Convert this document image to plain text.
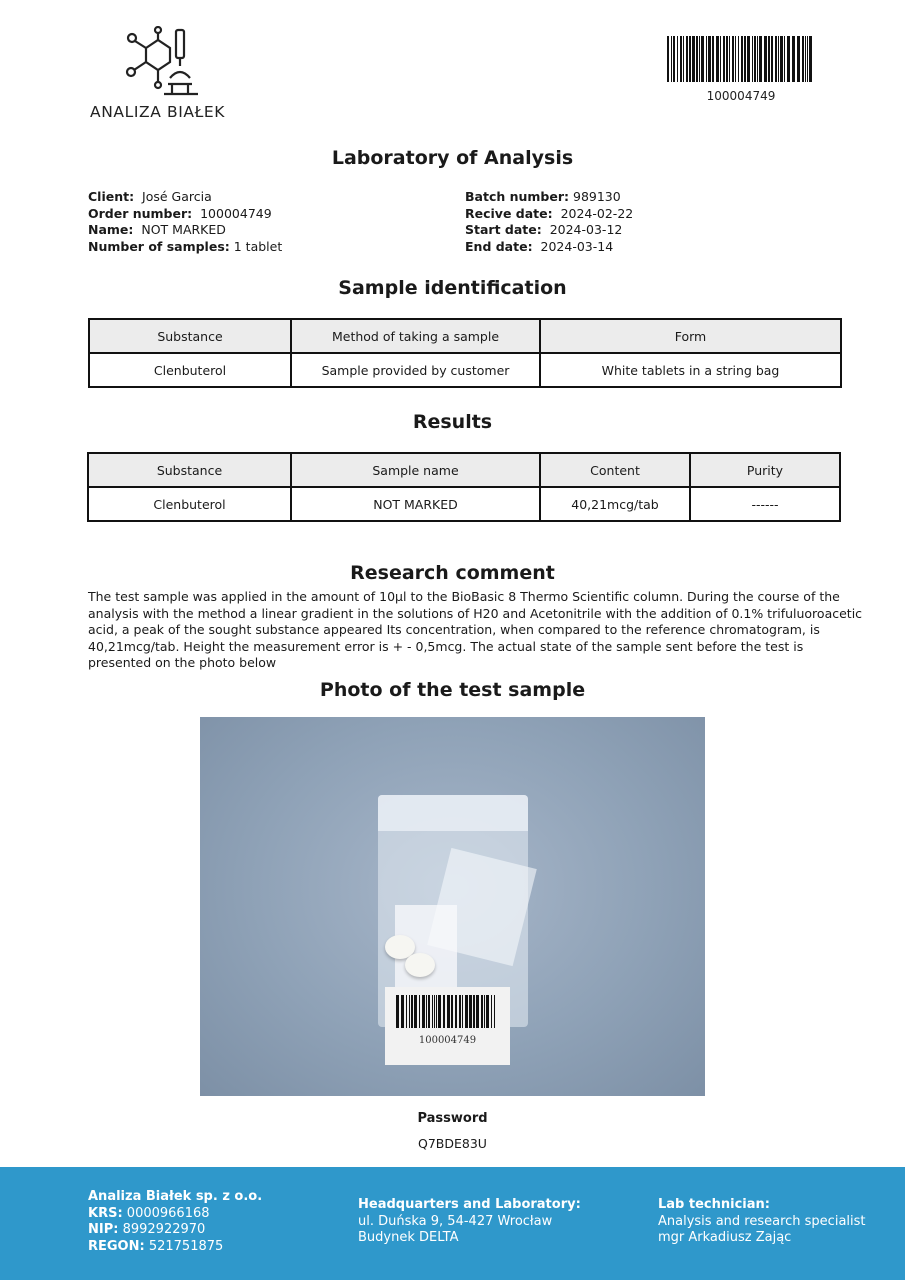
ANALIZA BIAŁEK
100004749
Laboratory of Analysis
Client: José Garcia
Order number: 100004749
Name: NOT MARKED
Number of samples: 1 tablet
Batch number: 989130
Recive date: 2024-02-22
Start date: 2024-03-12
End date: 2024-03-14
Sample identification
Substance	Method of taking a sample	Form
Clenbuterol	Sample provided by customer	White tablets in a string bag
Results
Substance	Sample name	Content	Purity
Clenbuterol	NOT MARKED	40,21mcg/tab	------
Research comment
The test sample was applied in the amount of 10µl to the BioBasic 8 Thermo Scientific column. During the course of the analysis with the method a linear gradient in the solutions of H20 and Acetonitrile with the addition of 0.1% trifuluoroacetic acid, a peak of the sought substance appeared Its concentration, when compared to the reference chromatogram, is 40,21mcg/tab. Height the measurement error is + - 0,5mcg. The actual state of the sample sent before the test is presented on the photo below
Photo of the test sample
100004749
Password
Q7BDE83U
Analiza Białek sp. z o.o.
KRS: 0000966168
NIP: 8992922970
REGON: 521751875
Headquarters and Laboratory:
ul. Duńska 9, 54-427 Wrocław
Budynek DELTA
Lab technician:
Analysis and research specialist
mgr Arkadiusz Zając
